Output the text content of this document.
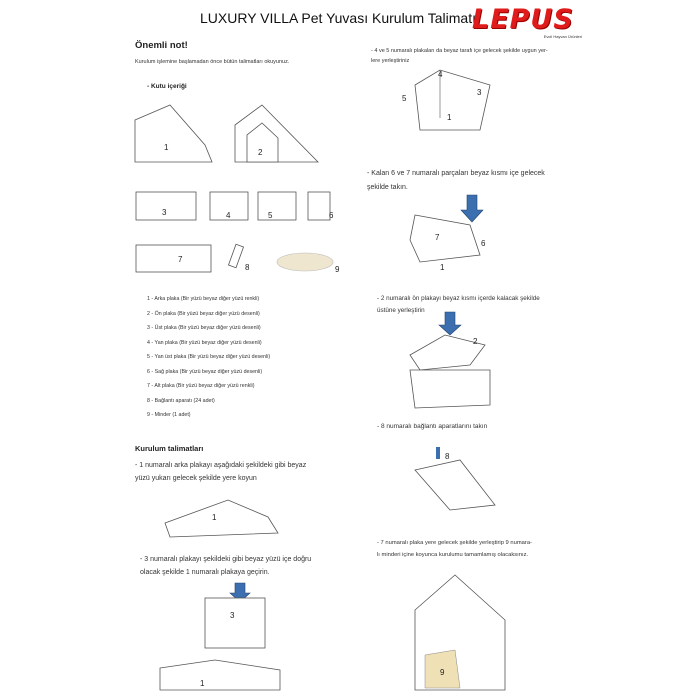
LUXURY VILLA Pet Yuvası Kurulum Talimatı
LEPUS
Evcil Hayvan Ürünleri
Önemli not!
Kurulum işlemine başlamadan önce bütün talimatları okuyunuz.
- Kutu içeriği
1
2
3	4	5	6
7
8	9
1
3
1
4
5
3
1
7
6
1
2
8
9
1 - Arka plaka (Bir yüzü beyaz diğer yüzü renkli)
2 - Ön plaka (Bir yüzü beyaz diğer yüzü desenli)
3 - Üst plaka (Bir yüzü beyaz diğer yüzü desenli)
4 - Yan plaka (Bir yüzü beyaz diğer yüzü desenli)
5 - Yan üst plaka (Bir yüzü beyaz diğer yüzü desenli)
6 - Sağ plaka (Bir yüzü beyaz diğer yüzü desenli)
7 - Alt plaka (Bir yüzü beyaz diğer yüzü renkli)
8 - Bağlantı aparatı (24 adet)
9 - Minder (1 adet)
Kurulum talimatları
- 1 numaralı arka plakayı aşağıdaki şekildeki gibi beyaz
yüzü yukarı gelecek şekilde yere koyun
- 3 numaralı plakayı şekildeki gibi beyaz yüzü içe doğru
olacak şekilde 1 numaralı plakaya geçirin.
- 4 ve 5 numaralı plakaları da beyaz tarafı içe gelecek şekilde uygun yer-
lere yerleştiriniz
- Kalan 6 ve 7 numaralı parçaları beyaz kısmı içe gelecek
şekilde takın.
- 2 numaralı ön plakayı beyaz kısmı içerde kalacak şekilde
üstüne yerleştirin
- 8 numaralı bağlantı aparatlarını takın
- 7 numaralı plaka yere gelecek şekilde yerleştirip 9 numara-
lı minderi içine koyunca kurulumu tamamlamış olacaksınız.
